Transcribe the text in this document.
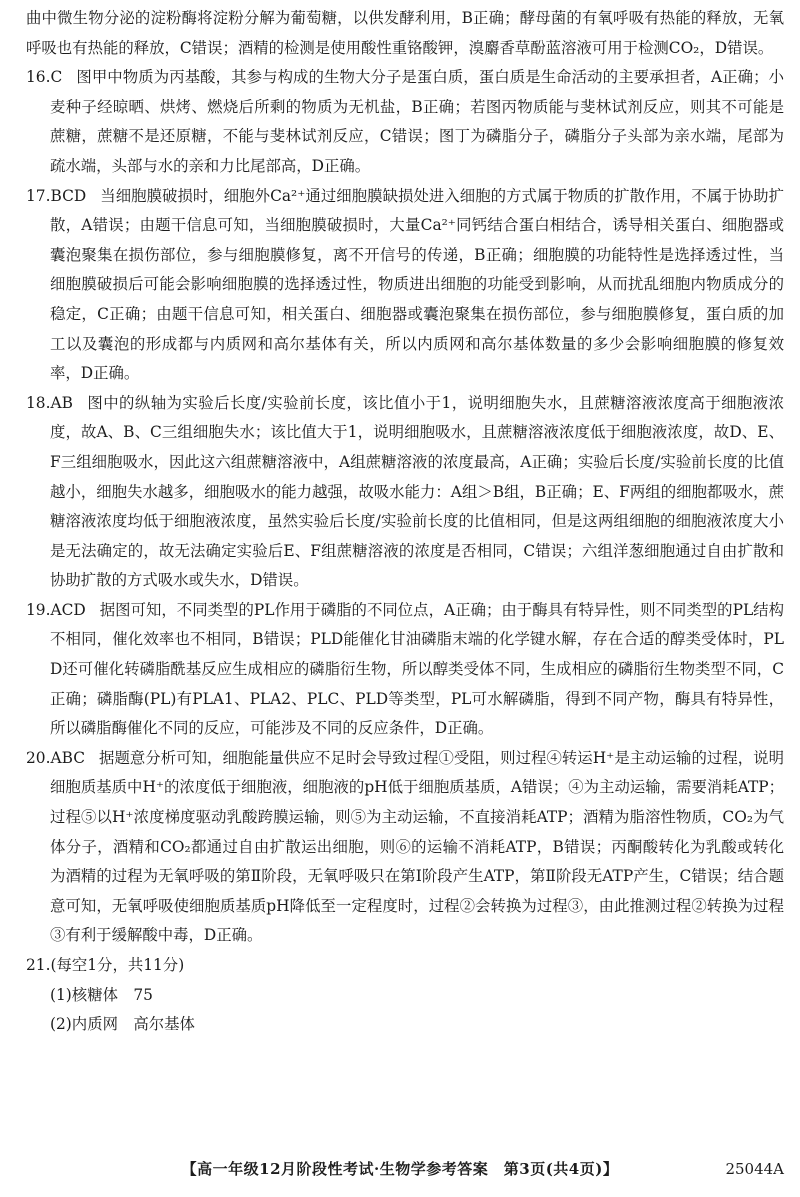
曲中微生物分泌的淀粉酶将淀粉分解为葡萄糖，以供发酵利用，B正确；酵母菌的有氧呼吸有热能的释放，无氧呼吸也有热能的释放，C错误；酒精的检测是使用酸性重铬酸钾，溴麝香草酚蓝溶液可用于检测CO₂，D错误。

16.C 图甲中物质为丙基酸，其参与构成的生物大分子是蛋白质，蛋白质是生命活动的主要承担者，A正确；小麦种子经晾晒、烘烤、燃烧后所剩的物质为无机盐，B正确；若图丙物质能与斐林试剂反应，则其不可能是蔗糖，蔗糖不是还原糖，不能与斐林试剂反应，C错误；图丁为磷脂分子，磷脂分子头部为亲水端，尾部为疏水端，头部与水的亲和力比尾部高，D正确。

17.BCD 当细胞膜破损时，细胞外Ca²⁺通过细胞膜缺损处进入细胞的方式属于物质的扩散作用，不属于协助扩散，A错误；由题干信息可知，当细胞膜破损时，大量Ca²⁺同钙结合蛋白相结合，诱导相关蛋白、细胞器或囊泡聚集在损伤部位，参与细胞膜修复，离不开信号的传递，B正确；细胞膜的功能特性是选择透过性，当细胞膜破损后可能会影响细胞膜的选择透过性，物质进出细胞的功能受到影响，从而扰乱细胞内物质成分的稳定，C正确；由题干信息可知，相关蛋白、细胞器或囊泡聚集在损伤部位，参与细胞膜修复，蛋白质的加工以及囊泡的形成都与内质网和高尔基体有关，所以内质网和高尔基体数量的多少会影响细胞膜的修复效率，D正确。

18.AB 图中的纵轴为实验后长度/实验前长度，该比值小于1，说明细胞失水，且蔗糖溶液浓度高于细胞液浓度，故A、B、C三组细胞失水；该比值大于1，说明细胞吸水，且蔗糖溶液浓度低于细胞液浓度，故D、E、F三组细胞吸水，因此这六组蔗糖溶液中，A组蔗糖溶液的浓度最高，A正确；实验后长度/实验前长度的比值越小，细胞失水越多，细胞吸水的能力越强，故吸水能力：A组＞B组，B正确；E、F两组的细胞都吸水，蔗糖溶液浓度均低于细胞液浓度，虽然实验后长度/实验前长度的比值相同，但是这两组细胞的细胞液浓度大小是无法确定的，故无法确定实验后E、F组蔗糖溶液的浓度是否相同，C错误；六组洋葱细胞通过自由扩散和协助扩散的方式吸水或失水，D错误。

19.ACD 据图可知，不同类型的PL作用于磷脂的不同位点，A正确；由于酶具有特异性，则不同类型的PL结构不相同，催化效率也不相同，B错误；PLD能催化甘油磷脂末端的化学键水解，存在合适的醇类受体时，PLD还可催化转磷脂酰基反应生成相应的磷脂衍生物，所以醇类受体不同，生成相应的磷脂衍生物类型不同，C正确；磷脂酶(PL)有PLA1、PLA2、PLC、PLD等类型，PL可水解磷脂，得到不同产物，酶具有特异性，所以磷脂酶催化不同的反应，可能涉及不同的反应条件，D正确。

20.ABC 据题意分析可知，细胞能量供应不足时会导致过程①受阻，则过程④转运H⁺是主动运输的过程，说明细胞质基质中H⁺的浓度低于细胞液，细胞液的pH低于细胞质基质，A错误；④为主动运输，需要消耗ATP；过程⑤以H⁺浓度梯度驱动乳酸跨膜运输，则⑤为主动运输，不直接消耗ATP；酒精为脂溶性物质，CO₂为气体分子，酒精和CO₂都通过自由扩散运出细胞，则⑥的运输不消耗ATP，B错误；丙酮酸转化为乳酸或转化为酒精的过程为无氧呼吸的第Ⅱ阶段，无氧呼吸只在第Ⅰ阶段产生ATP，第Ⅱ阶段无ATP产生，C错误；结合题意可知，无氧呼吸使细胞质基质pH降低至一定程度时，过程②会转换为过程③，由此推测过程②转换为过程③有利于缓解酸中毒，D正确。

21.(每空1分，共11分)

(1)核糖体　75

(2)内质网　高尔基体

【高一年级12月阶段性考试·生物学参考答案　第3页(共4页)】	25044A
